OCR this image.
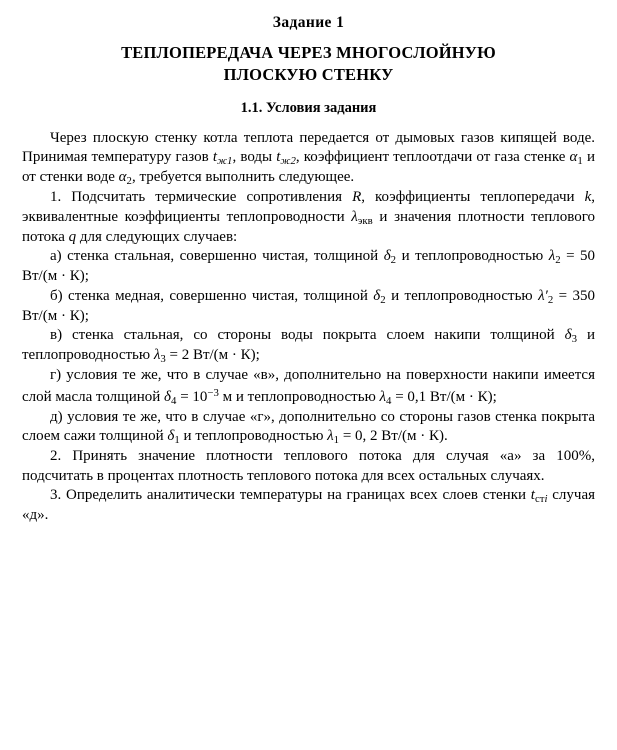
Задание 1
ТЕПЛОПЕРЕДАЧА ЧЕРЕЗ МНОГОСЛОЙНУЮ
ПЛОСКУЮ СТЕНКУ
1.1. Условия задания

Через плоскую стенку котла теплота передается от дымовых газов кипящей воде. Принимая температуру газов $t_{ж1}$, воды $t_{ж2}$, коэффициент теплоотдачи от газа стенке $\alpha_1$ и от стенки воде $\alpha_2$, требуется выполнить следующее.

1. Подсчитать термические сопротивления R, коэффициенты теплопередачи k, эквивалентные коэффициенты теплопроводности $\lambda_{экв}$ и значения плотности теплового потока q для следующих случаев:

а) стенка стальная, совершенно чистая, толщиной $\delta_2$ и теплопроводностью $\lambda_2 = 50$ Вт/(м · К);

б) стенка медная, совершенно чистая, толщиной $\delta_2$ и теплопроводностью $\lambda'_2 = 350$ Вт/(м · К);

в) стенка стальная, со стороны воды покрыта слоем накипи толщиной $\delta_3$ и теплопроводностью $\lambda_3 = 2$ Вт/(м · К);

г) условия те же, что в случае «в», дополнительно на поверхности накипи имеется слой масла толщиной $\delta_4 = 10^{-3}$ м и теплопроводностью $\lambda_4 = 0,1$ Вт/(м · К);

д) условия те же, что в случае «г», дополнительно со стороны газов стенка покрыта слоем сажи толщиной $\delta_1$ и теплопроводностью $\lambda_1 = 0$, 2 Вт/(м · К).

2. Принять значение плотности теплового потока для случая «а» за 100%, подсчитать в процентах плотность теплового потока для всех остальных случаях.

3. Определить аналитически температуры на границах всех слоев стенки $t_{стi}$ случая «д».
